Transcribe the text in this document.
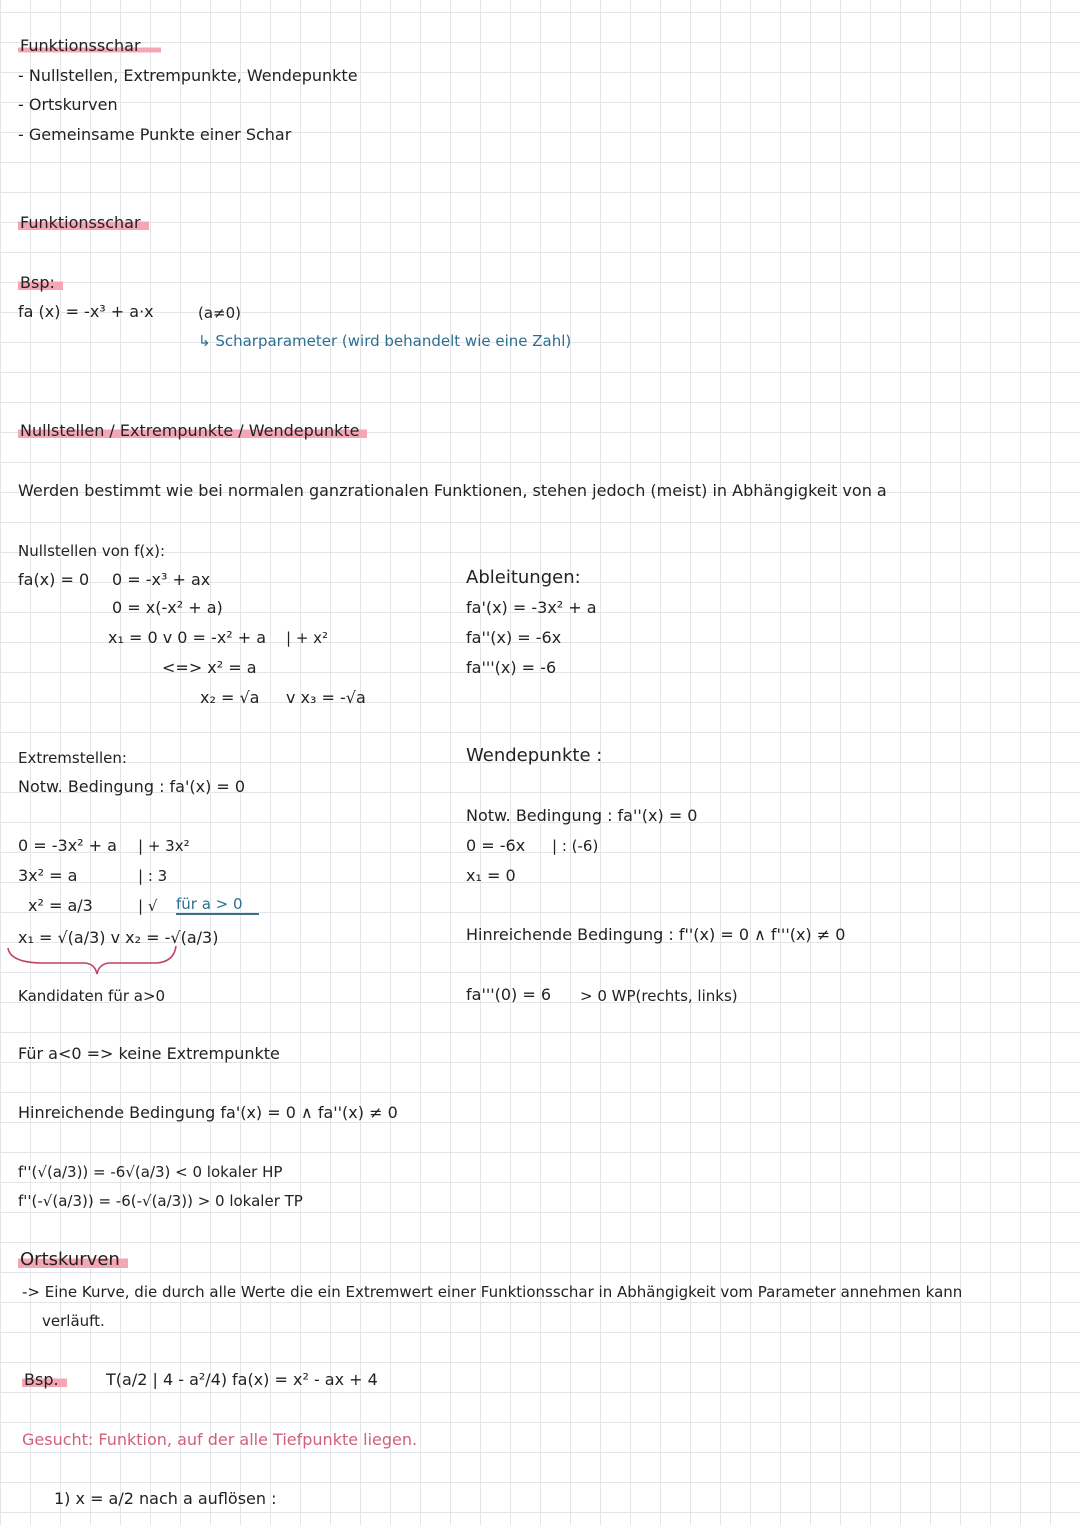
Funktionsschar
- Nullstellen, Extrempunkte, Wendepunkte
- Ortskurven
- Gemeinsame Punkte einer Schar
Funktionsschar
Bsp:
fa (x) = -x³ + a·x	(a≠0)
↳ Scharparameter (wird behandelt wie eine Zahl)
Nullstellen / Extrempunkte / Wendepunkte
Werden bestimmt wie bei normalen ganzrationalen Funktionen, stehen jedoch (meist) in Abhängigkeit von a
Nullstellen von f(x):
fa(x) = 0 0 = -x³ + ax
0 = x(-x² + a)
x₁ = 0 v 0 = -x² + a | + x²
<=> x² = a
x₂ = √a v x₃ = -√a
Ableitungen:
fa'(x) = -3x² + a
fa''(x) = -6x
fa'''(x) = -6
Extremstellen:
Notw. Bedingung : fa'(x) = 0
0 = -3x² + a
3x² = a
x² = a/3
x₁ = √(a/3) v x₂ = -√(a/3)
| + 3x²
| : 3
| √ für a > 0
Kandidaten für a>0
Für a<0 => keine Extrempunkte
Hinreichende Bedingung fa'(x) = 0 ∧ fa''(x) ≠ 0
f''(√(a/3)) = -6√(a/3) < 0 lokaler HP
f''(-√(a/3)) = -6(-√(a/3)) > 0 lokaler TP
Wendepunkte :
Notw. Bedingung : fa''(x) = 0
0 = -6x | : (-6)
x₁ = 0
Hinreichende Bedingung : f''(x) = 0 ∧ f'''(x) ≠ 0
fa'''(0) = 6 > 0 WP(rechts, links)
Ortskurven
-> Eine Kurve, die durch alle Werte die ein Extremwert einer Funktionsschar in Abhängigkeit vom Parameter annehmen kann
verläuft.
Bsp.	T(a/2 | 4 - a²/4) fa(x) = x² - ax + 4
Gesucht: Funktion, auf der alle Tiefpunkte liegen.
1) x = a/2 nach a auflösen :
